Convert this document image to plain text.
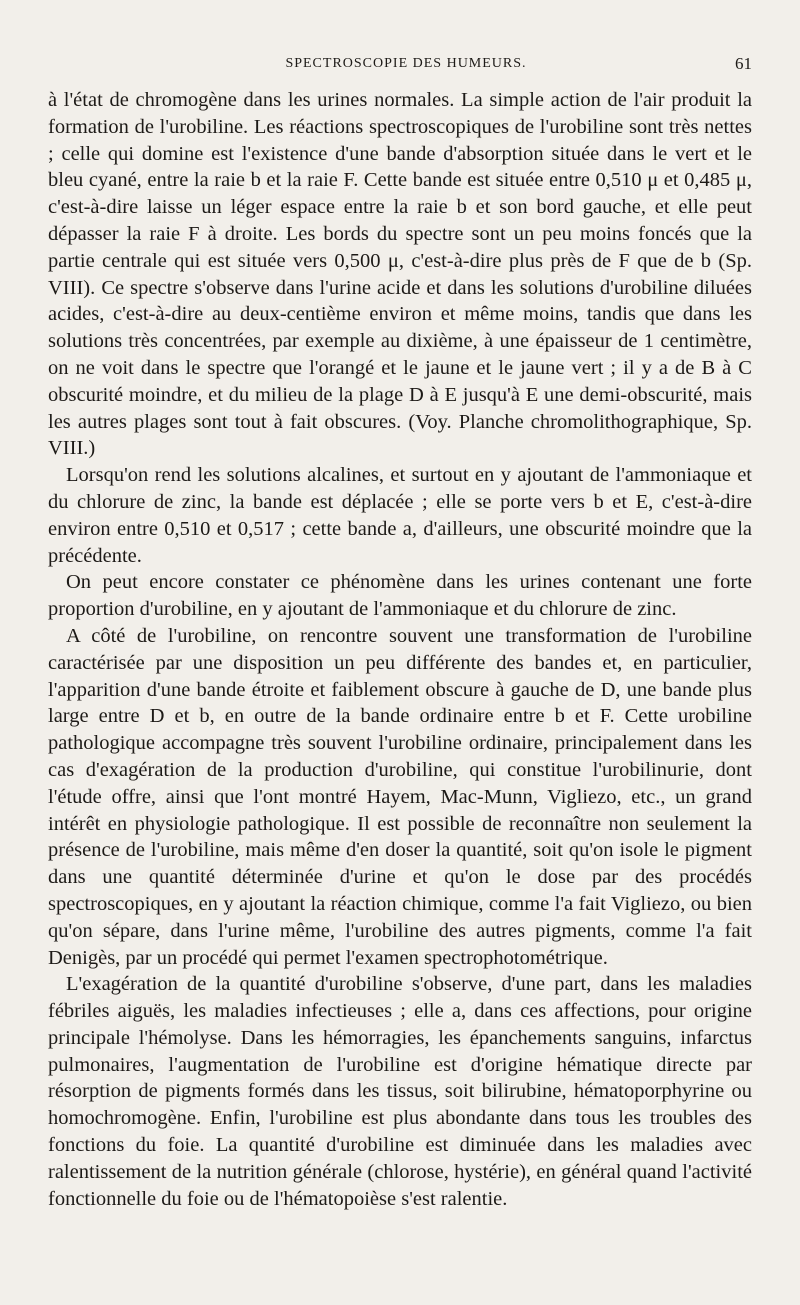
SPECTROSCOPIE DES HUMEURS.	61

à l'état de chromogène dans les urines normales. La simple action de l'air produit la formation de l'urobiline. Les réactions spectroscopiques de l'urobiline sont très nettes ; celle qui domine est l'existence d'une bande d'absorption située dans le vert et le bleu cyané, entre la raie b et la raie F. Cette bande est située entre 0,510 μ et 0,485 μ, c'est-à-dire laisse un léger espace entre la raie b et son bord gauche, et elle peut dépasser la raie F à droite. Les bords du spectre sont un peu moins foncés que la partie centrale qui est située vers 0,500 μ, c'est-à-dire plus près de F que de b (Sp. VIII). Ce spectre s'observe dans l'urine acide et dans les solutions d'urobiline diluées acides, c'est-à-dire au deux-centième environ et même moins, tandis que dans les solutions très concentrées, par exemple au dixième, à une épaisseur de 1 centimètre, on ne voit dans le spectre que l'orangé et le jaune et le jaune vert ; il y a de B à C obscurité moindre, et du milieu de la plage D à E jusqu'à E une demi-obscurité, mais les autres plages sont tout à fait obscures. (Voy. Planche chromolithographique, Sp. VIII.)

Lorsqu'on rend les solutions alcalines, et surtout en y ajoutant de l'ammoniaque et du chlorure de zinc, la bande est déplacée ; elle se porte vers b et E, c'est-à-dire environ entre 0,510 et 0,517 ; cette bande a, d'ailleurs, une obscurité moindre que la précédente.

On peut encore constater ce phénomène dans les urines contenant une forte proportion d'urobiline, en y ajoutant de l'ammoniaque et du chlorure de zinc.

A côté de l'urobiline, on rencontre souvent une transformation de l'urobiline caractérisée par une disposition un peu différente des bandes et, en particulier, l'apparition d'une bande étroite et faiblement obscure à gauche de D, une bande plus large entre D et b, en outre de la bande ordinaire entre b et F. Cette urobiline pathologique accompagne très souvent l'urobiline ordinaire, principalement dans les cas d'exagération de la production d'urobiline, qui constitue l'urobilinurie, dont l'étude offre, ainsi que l'ont montré Hayem, Mac-Munn, Vigliezo, etc., un grand intérêt en physiologie pathologique. Il est possible de reconnaître non seulement la présence de l'urobiline, mais même d'en doser la quantité, soit qu'on isole le pigment dans une quantité déterminée d'urine et qu'on le dose par des procédés spectroscopiques, en y ajoutant la réaction chimique, comme l'a fait Vigliezo, ou bien qu'on sépare, dans l'urine même, l'urobiline des autres pigments, comme l'a fait Denigès, par un procédé qui permet l'examen spectrophotométrique.

L'exagération de la quantité d'urobiline s'observe, d'une part, dans les maladies fébriles aiguës, les maladies infectieuses ; elle a, dans ces affections, pour origine principale l'hémolyse. Dans les hémorragies, les épanchements sanguins, infarctus pulmonaires, l'augmentation de l'urobiline est d'origine hématique directe par résorption de pigments formés dans les tissus, soit bilirubine, hématoporphyrine ou homochromogène. Enfin, l'urobiline est plus abondante dans tous les troubles des fonctions du foie. La quantité d'urobiline est diminuée dans les maladies avec ralentissement de la nutrition générale (chlorose, hystérie), en général quand l'activité fonctionnelle du foie ou de l'hématopoièse s'est ralentie.
